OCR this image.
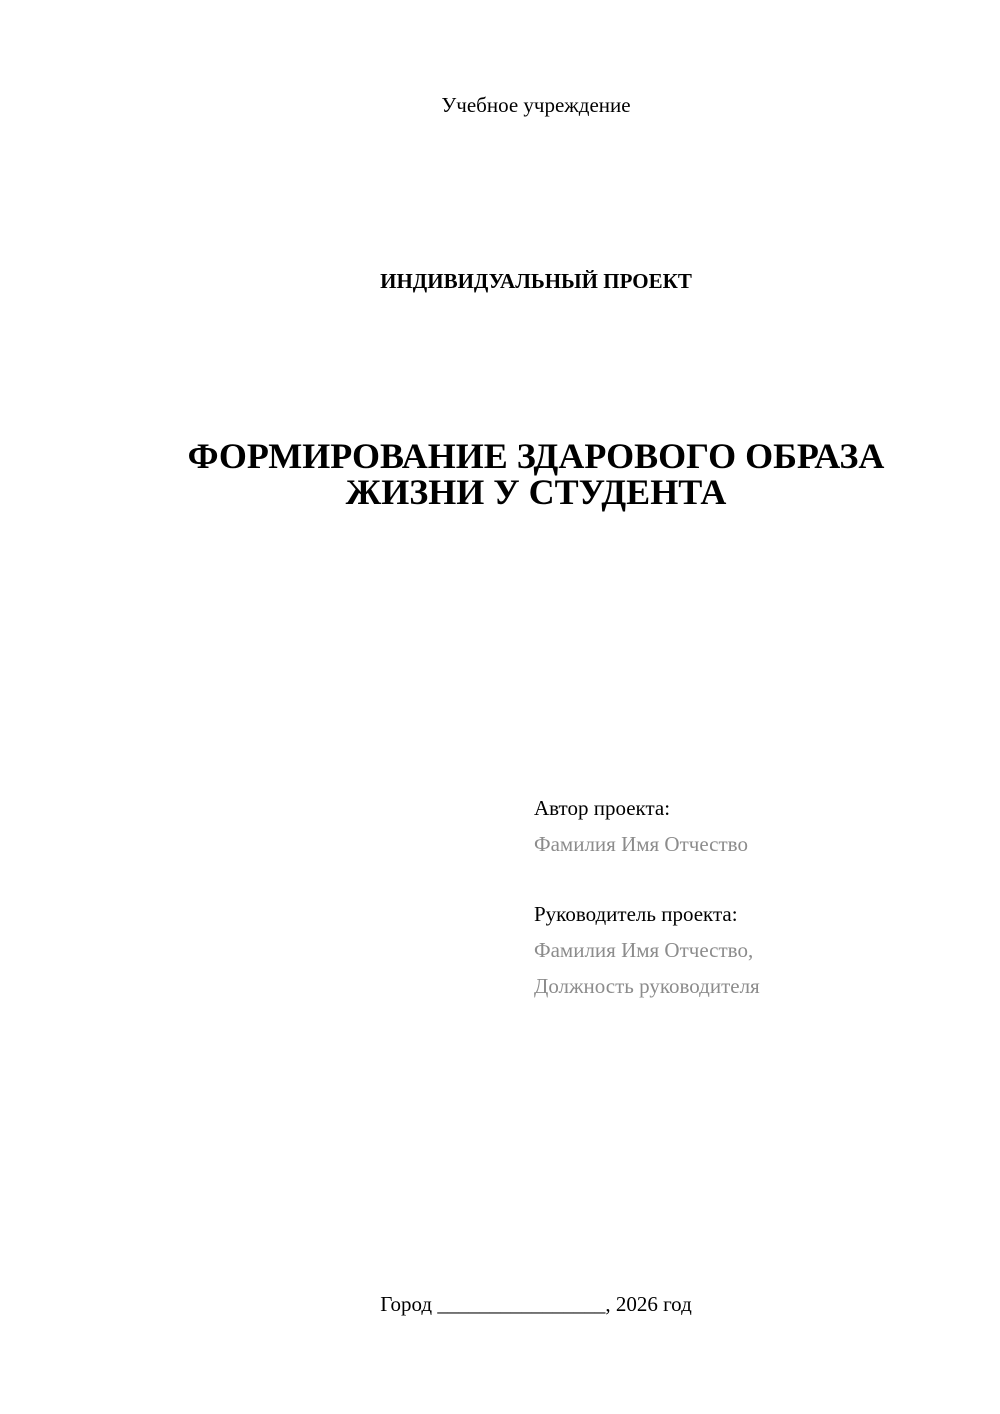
Учебное учреждение
ИНДИВИДУАЛЬНЫЙ ПРОЕКТ
ФОРМИРОВАНИЕ ЗДАРОВОГО ОБРАЗА
ЖИЗНИ У СТУДЕНТА
Автор проекта:
Фамилия Имя Отчество
Руководитель проекта:
Фамилия Имя Отчество,
Должность руководителя
Город ________________, 2026 год
